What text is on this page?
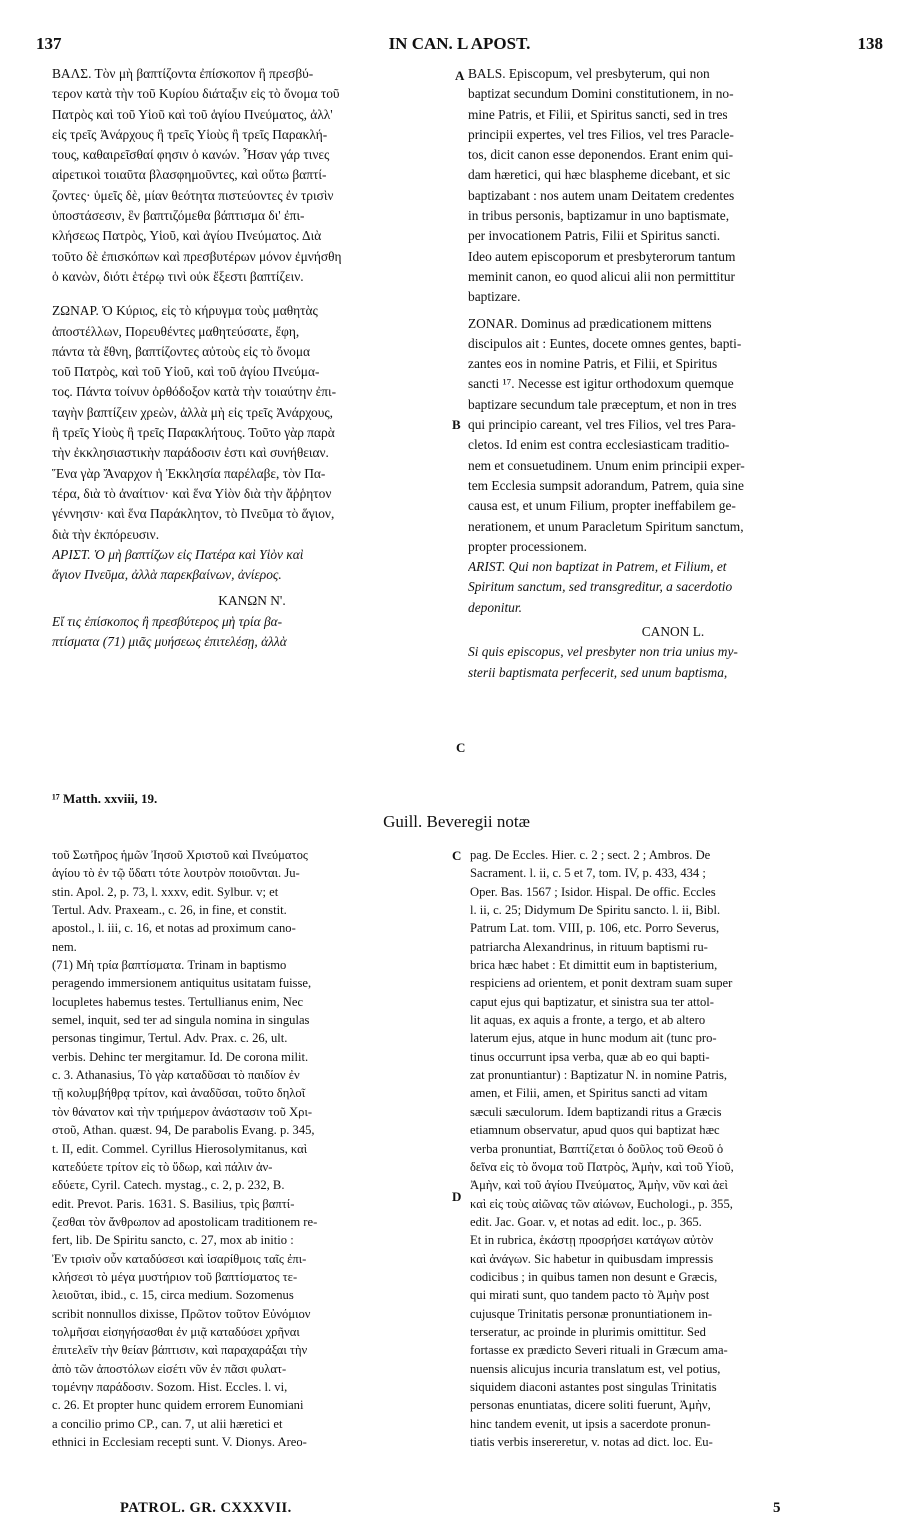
137	IN CAN. L APOST.	138
A
B
C
C
D
ΒΑΛΣ. Τὸν μὴ βαπτίζοντα ἐπίσκοπον ἢ πρεσβύ-
τερον κατὰ τὴν τοῦ Κυρίου διάταξιν εἰς τὸ ὄνομα τοῦ
Πατρὸς καὶ τοῦ Υἱοῦ καὶ τοῦ ἁγίου Πνεύματος, ἀλλ'
εἰς τρεῖς Ἀνάρχους ἢ τρεῖς Υἱοὺς ἢ τρεῖς Παρακλή-
τους, καθαιρεῖσθαί φησιν ὁ κανών. Ἦσαν γάρ τινες
αἱρετικοὶ τοιαῦτα βλασφημοῦντες, καὶ οὕτω βαπτί-
ζοντες· ὑμεῖς δὲ, μίαν θεότητα πιστεύοντες ἐν τρισὶν
ὑποστάσεσιν, ἓν βαπτιζόμεθα βάπτισμα δι' ἐπι-
κλήσεως Πατρὸς, Υἱοῦ, καὶ ἁγίου Πνεύματος. Διὰ
τοῦτο δὲ ἐπισκόπων καὶ πρεσβυτέρων μόνον ἐμνήσθη
ὁ κανὼν, διότι ἑτέρῳ τινὶ οὐκ ἔξεστι βαπτίζειν.
ΖΩΝΑΡ. Ὁ Κύριος, εἰς τὸ κήρυγμα τοὺς μαθητὰς
ἀποστέλλων, Πορευθέντες μαθητεύσατε, ἔφη,
πάντα τὰ ἔθνη, βαπτίζοντες αὐτοὺς εἰς τὸ ὄνομα
τοῦ Πατρὸς, καὶ τοῦ Υἱοῦ, καὶ τοῦ ἁγίου Πνεύμα-
τος. Πάντα τοίνυν ὀρθόδοξον κατὰ τὴν τοιαύτην ἐπι-
ταγὴν βαπτίζειν χρεὼν, ἀλλὰ μὴ εἰς τρεῖς Ἀνάρχους,
ἢ τρεῖς Υἱοὺς ἢ τρεῖς Παρακλήτους. Τοῦτο γὰρ παρὰ
τὴν ἐκκλησιαστικὴν παράδοσιν ἐστι καὶ συνήθειαν.
Ἕνα γὰρ Ἄναρχον ἡ Ἐκκλησία παρέλαβε, τὸν Πα-
τέρα, διὰ τὸ ἀναίτιον· καὶ ἕνα Υἱὸν διὰ τὴν ἄῤῥητον
γέννησιν· καὶ ἕνα Παράκλητον, τὸ Πνεῦμα τὸ ἅγιον,
διὰ τὴν ἐκπόρευσιν.
ΑΡΙΣΤ. Ὁ μὴ βαπτίζων εἰς Πατέρα καὶ Υἱὸν καὶ
ἅγιον Πνεῦμα, ἀλλὰ παρεκβαίνων, ἀνίερος.
ΚΑΝΩΝ Ν'.
Εἴ τις ἐπίσκοπος ἢ πρεσβύτερος μὴ τρία βα-
πτίσματα (71) μιᾶς μυήσεως ἐπιτελέσῃ, ἀλλὰ
BALS. Episcopum, vel presbyterum, qui non
baptizat secundum Domini constitutionem, in no-
mine Patris, et Filii, et Spiritus sancti, sed in tres
principii expertes, vel tres Filios, vel tres Paracle-
tos, dicit canon esse deponendos. Erant enim qui-
dam hæretici, qui hæc blaspheme dicebant, et sic
baptizabant : nos autem unam Deitatem credentes
in tribus personis, baptizamur in uno baptismate,
per invocationem Patris, Filii et Spiritus sancti.
Ideo autem episcoporum et presbyterorum tantum
meminit canon, eo quod alicui alii non permittitur
baptizare.
ZONAR. Dominus ad prædicationem mittens
discipulos ait : Euntes, docete omnes gentes, bapti-
zantes eos in nomine Patris, et Filii, et Spiritus
sancti ¹⁷. Necesse est igitur orthodoxum quemque
baptizare secundum tale præceptum, et non in tres
qui principio careant, vel tres Filios, vel tres Para-
cletos. Id enim est contra ecclesiasticam traditio-
nem et consuetudinem. Unum enim principii exper-
tem Ecclesia sumpsit adorandum, Patrem, quia sine
causa est, et unum Filium, propter ineffabilem ge-
nerationem, et unum Paracletum Spiritum sanctum,
propter processionem.
ARIST. Qui non baptizat in Patrem, et Filium, et
Spiritum sanctum, sed transgreditur, a sacerdotio
deponitur.
CANON L.
Si quis episcopus, vel presbyter non tria unius my-
sterii baptismata perfecerit, sed unum baptisma,
¹⁷ Matth. xxviii, 19.
Guill. Beveregii notæ
τοῦ Σωτῆρος ἡμῶν Ἰησοῦ Χριστοῦ καὶ Πνεύματος
ἁγίου τὸ ἐν τῷ ὕδατι τότε λουτρὸν ποιοῦνται. Ju-
stin. Apol. 2, p. 73, l. xxxv, edit. Sylbur. v; et
Tertul. Adv. Praxeam., c. 26, in fine, et constit.
apostol., l. iii, c. 16, et notas ad proximum cano-
nem.
(71) Μὴ τρία βαπτίσματα. Trinam in baptismo
peragendo immersionem antiquitus usitatam fuisse,
locupletes habemus testes. Tertullianus enim, Nec
semel, inquit, sed ter ad singula nomina in singulas
personas tingimur, Tertul. Adv. Prax. c. 26, ult.
verbis. Dehinc ter mergitamur. Id. De corona milit.
c. 3. Athanasius, Τὸ γὰρ καταδῦσαι τὸ παιδίον ἐν
τῇ κολυμβήθρᾳ τρίτον, καὶ ἀναδῦσαι, τοῦτο δηλοῖ
τὸν θάνατον καὶ τὴν τριήμερον ἀνάστασιν τοῦ Χρι-
στοῦ, Athan. quæst. 94, De parabolis Evang. p. 345,
t. II, edit. Commel. Cyrillus Hierosolymitanus, καὶ
κατεδύετε τρίτον εἰς τὸ ὕδωρ, καὶ πάλιν ἀν-
εδύετε, Cyril. Catech. mystag., c. 2, p. 232, B.
edit. Prevot. Paris. 1631. S. Basilius, τρὶς βαπτί-
ζεσθαι τὸν ἄνθρωπον ad apostolicam traditionem re-
fert, lib. De Spiritu sancto, c. 27, mox ab initio :
Ἐν τρισὶν οὖν καταδύσεσι καὶ ἰσαρίθμοις ταῖς ἐπι-
κλήσεσι τὸ μέγα μυστήριον τοῦ βαπτίσματος τε-
λειοῦται, ibid., c. 15, circa medium. Sozomenus
scribit nonnullos dixisse, Πρῶτον τοῦτον Εὐνόμιον
τολμῆσαι εἰσηγήσασθαι ἐν μιᾷ καταδύσει χρῆναι
ἐπιτελεῖν τὴν θείαν βάπτισιν, καὶ παραχαράξαι τὴν
ἀπὸ τῶν ἀποστόλων εἰσέτι νῦν ἐν πᾶσι φυλατ-
τομένην παράδοσιν. Sozom. Hist. Eccles. l. vi,
c. 26. Et propter hunc quidem errorem Eunomiani
a concilio primo CP., can. 7, ut alii hæretici et
ethnici in Ecclesiam recepti sunt. V. Dionys. Areo-
pag. De Eccles. Hier. c. 2 ; sect. 2 ; Ambros. De
Sacrament. l. ii, c. 5 et 7, tom. IV, p. 433, 434 ;
Oper. Bas. 1567 ; Isidor. Hispal. De offic. Eccles
l. ii, c. 25; Didymum De Spiritu sancto. l. ii, Bibl.
Patrum Lat. tom. VIII, p. 106, etc. Porro Severus,
patriarcha Alexandrinus, in rituum baptismi ru-
brica hæc habet : Et dimittit eum in baptisterium,
respiciens ad orientem, et ponit dextram suam super
caput ejus qui baptizatur, et sinistra sua ter attol-
lit aquas, ex aquis a fronte, a tergo, et ab altero
laterum ejus, atque in hunc modum ait (tunc pro-
tinus occurrunt ipsa verba, quæ ab eo qui bapti-
zat pronuntiantur) : Baptizatur N. in nomine Patris,
amen, et Filii, amen, et Spiritus sancti ad vitam
sæculi sæculorum. Idem baptizandi ritus a Græcis
etiamnum observatur, apud quos qui baptizat hæc
verba pronuntiat, Βαπτίζεται ὁ δοῦλος τοῦ Θεοῦ ὁ
δεῖνα εἰς τὸ ὄνομα τοῦ Πατρὸς, Ἀμὴν, καὶ τοῦ Υἱοῦ,
Ἀμὴν, καὶ τοῦ ἁγίου Πνεύματος, Ἀμὴν, νῦν καὶ ἀεὶ
καὶ εἰς τοὺς αἰῶνας τῶν αἰώνων, Euchologi., p. 355,
edit. Jac. Goar. v, et notas ad edit. loc., p. 365.
Et in rubrica, ἑκάστῃ προσρήσει κατάγων αὐτὸν
καὶ ἀνάγων. Sic habetur in quibusdam impressis
codicibus ; in quibus tamen non desunt e Græcis,
qui mirati sunt, quo tandem pacto τὸ Ἀμὴν post
cujusque Trinitatis personæ pronuntiationem in-
terseratur, ac proinde in plurimis omittitur. Sed
fortasse ex prædicto Severi rituali in Græcum ama-
nuensis alicujus incuria translatum est, vel potius,
siquidem diaconi astantes post singulas Trinitatis
personas enuntiatas, dicere soliti fuerunt, Ἀμὴν,
hinc tandem evenit, ut ipsis a sacerdote pronun-
tiatis verbis insereretur, v. notas ad dict. loc. Eu-
PATROL. GR. CXXXVII.	5
